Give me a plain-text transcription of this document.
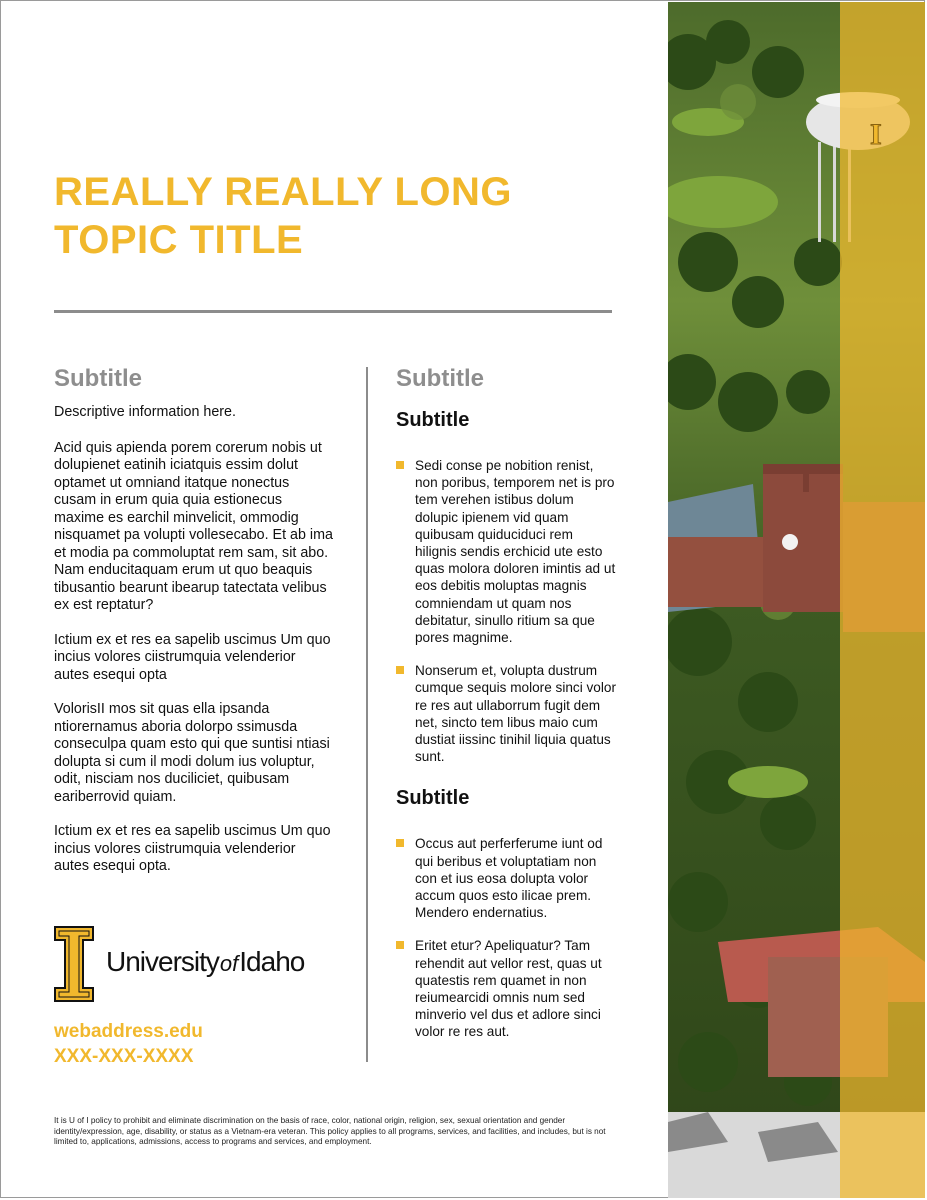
REALLY REALLY LONG
TOPIC TITLE
Subtitle

Descriptive information here.

Acid quis apienda porem corerum nobis ut dolupienet eatinih iciatquis essim dolut optamet ut omniand itatque nonectus cusam in erum quia quia estionecus maxime es earchil minvelicit, ommodig nisquamet pa volupti vollesecabo. Et ab ima et modia pa commoluptat rem sam, sit abo. Nam enducitaquam erum ut quo beaquis tibusantio bearunt ibearup tatectata velibus ex est reptatur?

Ictium ex et res ea sapelib uscimus Um quo incius volores ciistrumquia velenderior autes esequi opta

VolorisII mos sit quas ella ipsanda ntiorernamus aboria dolorpo ssimusda conseculpa quam esto qui que suntisi ntiasi dolupta si cum il modi dolum ius voluptur, odit, nisciam nos duciliciet, quibusam eariberrovid quiam.

Ictium ex et res ea sapelib uscimus Um quo incius volores ciistrumquia velenderior autes esequi opta.

Subtitle
Subtitle
Sedi conse pe nobition renist, non poribus, temporem net is pro tem verehen istibus dolum dolupic ipienem vid quam quibusam quiduciduci rem hilignis sendis erchicid ute esto quas molora doloren imintis ad ut eos debitis moluptas magnis comniendam ut quam nos debitatur, sinullo ritium sa que pores magnime.
Nonserum et, volupta dustrum cumque sequis molore sinci volor re res aut ullaborrum fugit dem net, sincto tem libus maio cum dustiat iissinc tinihil liquia quatus sunt.
Subtitle
Occus aut perferferume iunt od qui beribus et voluptatiam non con et ius eosa dolupta volor accum quos esto ilicae prem. Mendero endernatius.
Eritet etur? Apeliquatur? Tam rehendit aut vellor rest, quas ut quatestis rem quamet in non reiumearcidi omnis num sed minverio vel dus et adlore sinci volor re res aut.
UniversityofIdaho
webaddress.edu
XXX-XXX-XXXX
It is U of I policy to prohibit and eliminate discrimination on the basis of race, color, national origin, religion, sex, sexual orientation and gender identity/expression, age, disability, or status as a Vietnam-era veteran. This policy applies to all programs, services, and facilities, and includes, but is not limited to, applications, admissions, access to programs and services, and employment.
I
